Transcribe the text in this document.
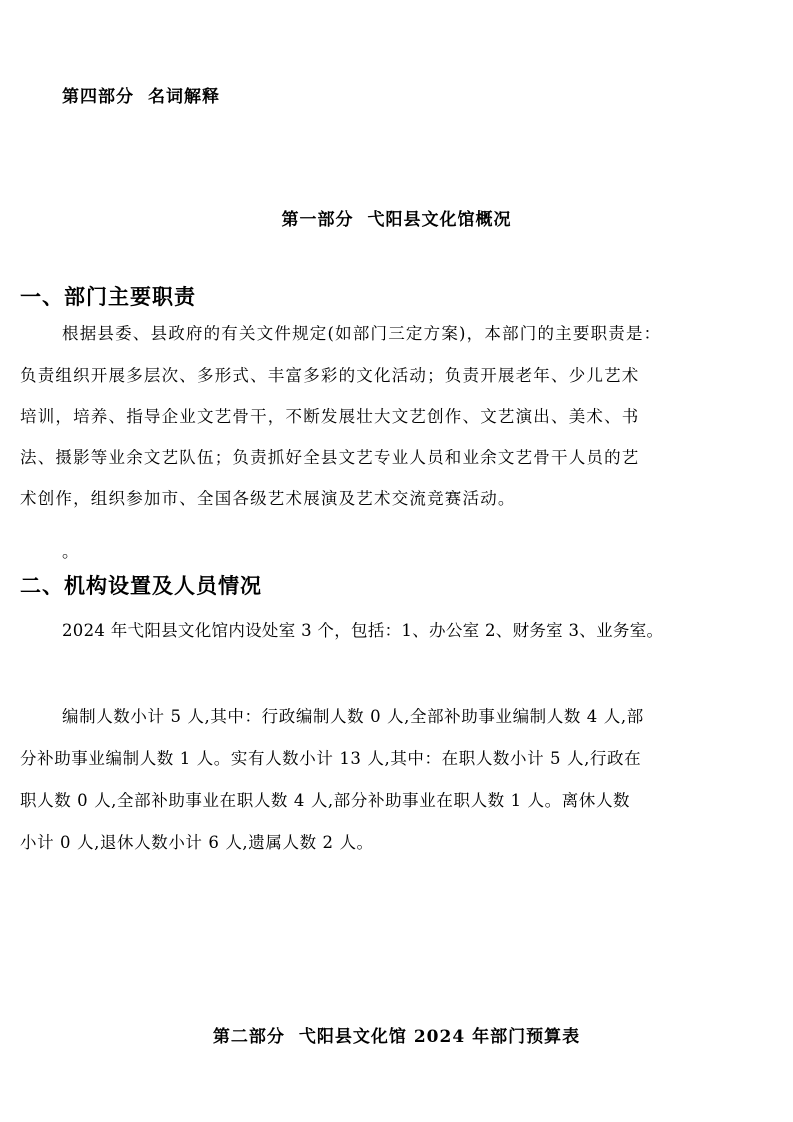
第四部分 名词解释
第一部分 弋阳县文化馆概况
一、部门主要职责
根据县委、县政府的有关文件规定(如部门三定方案)，本部门的主要职责是：
负责组织开展多层次、多形式、丰富多彩的文化活动；负责开展老年、少儿艺术
培训，培养、指导企业文艺骨干，不断发展壮大文艺创作、文艺演出、美术、书
法、摄影等业余文艺队伍；负责抓好全县文艺专业人员和业余文艺骨干人员的艺
术创作，组织参加市、全国各级艺术展演及艺术交流竞赛活动。
。
二、机构设置及人员情况
2024 年弋阳县文化馆内设处室 3 个，包括：1、办公室 2、财务室 3、业务室。
编制人数小计 5 人,其中：行政编制人数 0 人,全部补助事业编制人数 4 人,部
分补助事业编制人数 1 人。实有人数小计 13 人,其中：在职人数小计 5 人,行政在
职人数 0 人,全部补助事业在职人数 4 人,部分补助事业在职人数 1 人。离休人数
小计 0 人,退休人数小计 6 人,遗属人数 2 人。
第二部分 弋阳县文化馆 2024 年部门预算表
